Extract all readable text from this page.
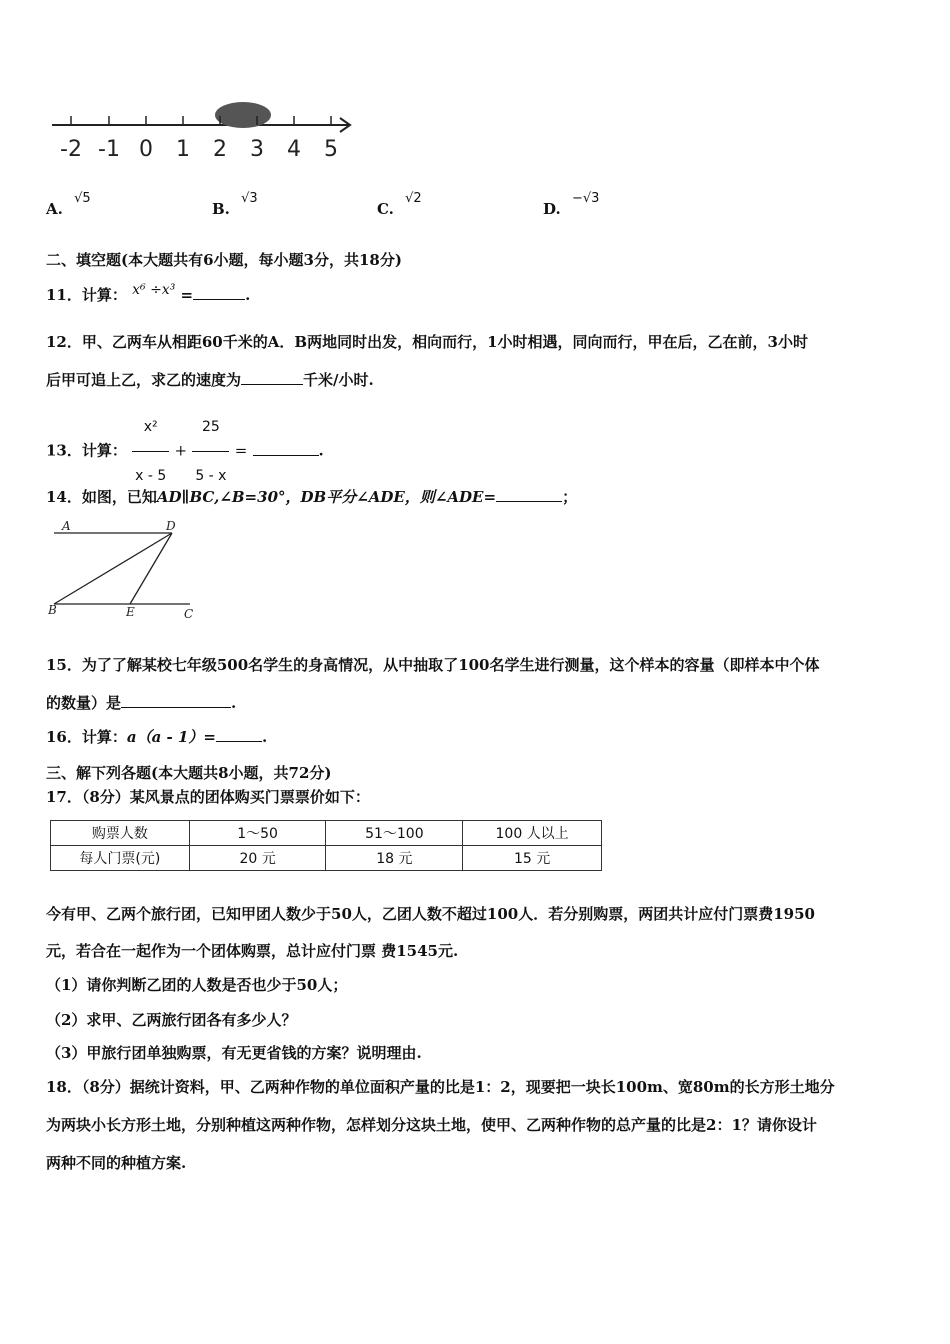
-2 -1 0 1 2 3 4 5
A. √5
B. √3
C. √2
D. −√3
二、填空题(本大题共有6小题，每小题3分，共18分)
11．计算： x⁶ ÷x³ =	.
12．甲、乙两车从相距60千米的A．B两地同时出发，相向而行，1小时相遇，同向而行，甲在后，乙在前，3小时
后甲可追上乙，求乙的速度为	千米/小时.
13．计算： $\frac{\text{x²}}{x - 5} + \frac{25}{5 - x}$ =	.
14．如图，已知AD∥BC,∠B=30°，DB平分∠ADE，则∠ADE=	；
A	D
B	E	C
15．为了了解某校七年级500名学生的身高情况，从中抽取了100名学生进行测量，这个样本的容量（即样本中个体
的数量）是	.
16．计算：a（a - 1）=	.
三、解下列各题(本大题共8小题，共72分)
17．（8分）某风景点的团体购买门票票价如下：
购票人数	1～50	51～100	100 人以上
每人门票(元)	20 元	18 元	15 元
今有甲、乙两个旅行团，已知甲团人数少于50人，乙团人数不超过100人．若分别购票，两团共计应付门票费1950
元，若合在一起作为一个团体购票，总计应付门票 费1545元.
（1）请你判断乙团的人数是否也少于50人；
（2）求甲、乙两旅行团各有多少人？
（3）甲旅行团单独购票，有无更省钱的方案？说明理由.
18．（8分）据统计资料，甲、乙两种作物的单位面积产量的比是1：2，现要把一块长100m、宽80m的长方形土地分
为两块小长方形土地，分别种植这两种作物，怎样划分这块土地，使甲、乙两种作物的总产量的比是2：1？请你设计
两种不同的种植方案.
